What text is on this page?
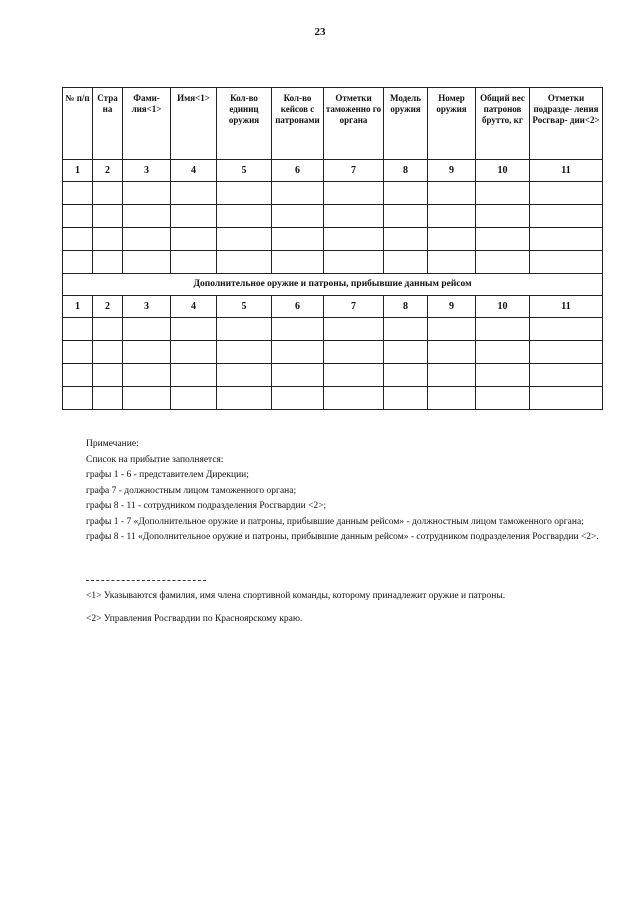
23
№ п/п	Стра на	Фами- лия<1>	Имя<1>	Кол-во единиц оружия	Кол-во кейсов с патронами	Отметки таможенно го органа	Модель оружия	Номер оружия	Общий вес патронов брутто, кг	Отметки подразде- ления Росгвар- дии<2>
1	2	3	4	5	6	7	8	9	10	11

Дополнительное оружие и патроны, прибывшие данным рейсом										
1	2	3	4	5	6	7	8	9	10	11

Примечание:

Список на прибытие заполняется:

графы 1 - 6 - представителем Дирекции;

графа 7 - должностным лицом таможенного органа;

графы 8 - 11 - сотрудником подразделения Росгвардии <2>;

графы 1 - 7 «Дополнительное оружие и патроны, прибывшие данным рейсом» - должностным лицом таможенного органа;

графы 8 - 11 «Дополнительное оружие и патроны, прибывшие данным рейсом» - сотрудником подразделения Росгвардии <2>.

<1> Указываются фамилия, имя члена спортивной команды, которому принадлежит оружие и патроны.

<2> Управления Росгвардии по Красноярскому краю.
